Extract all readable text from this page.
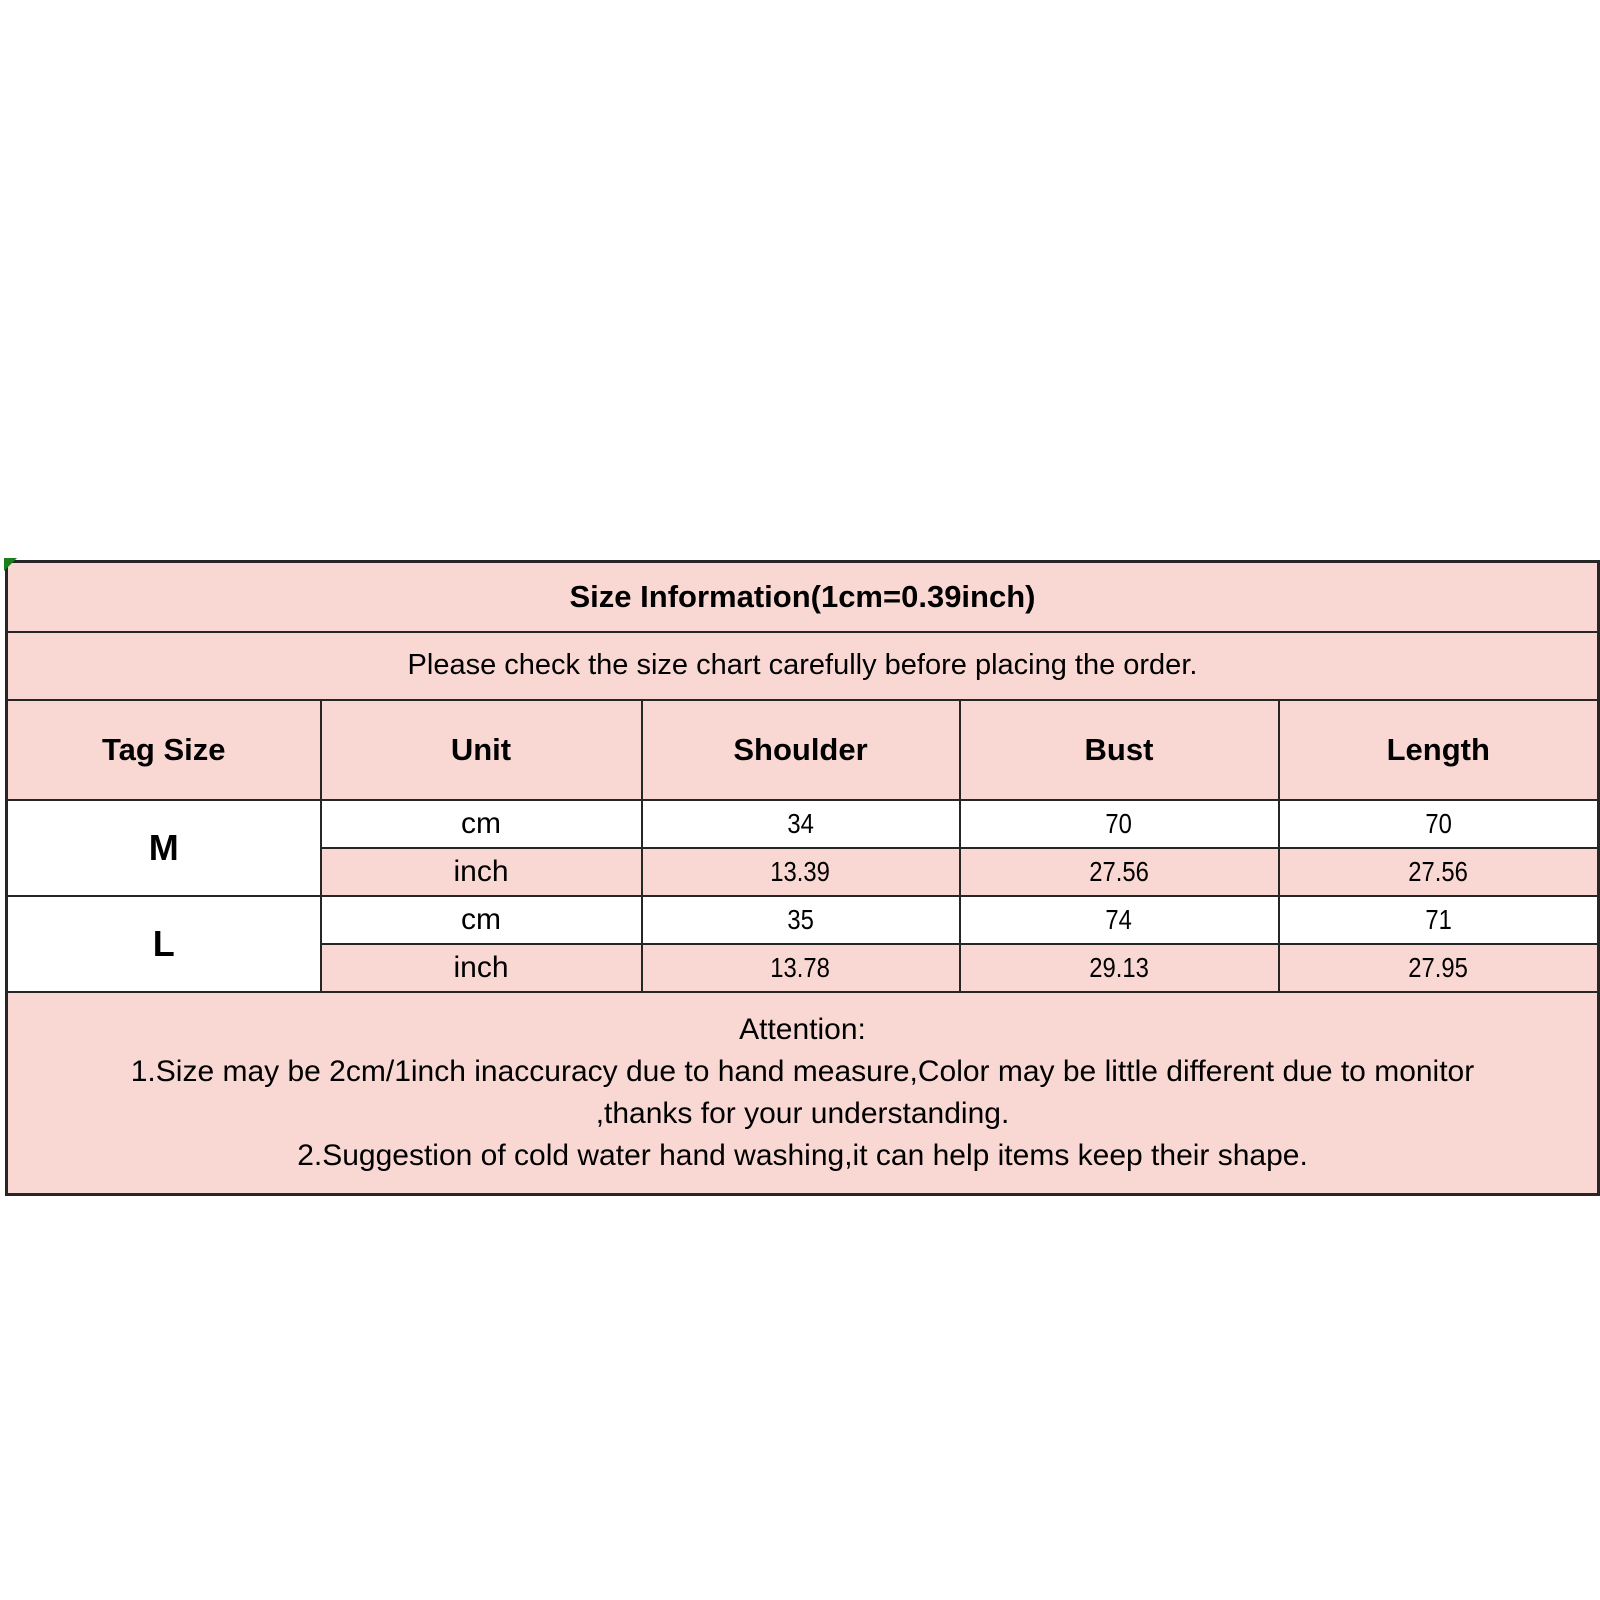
Size Information(1cm=0.39inch)				
Please check the size chart carefully before placing the order.				
Tag Size	Unit	Shoulder	Bust	Length
M	cm	34	70	70
	inch	13.39	27.56	27.56
L	cm	35	74	71
	inch	13.78	29.13	27.95

Attention:
1.Size may be 2cm/1inch inaccuracy due to hand measure,Color may be little different due to monitor
,thanks for your understanding.
2.Suggestion of cold water hand washing,it can help items keep their shape.				
